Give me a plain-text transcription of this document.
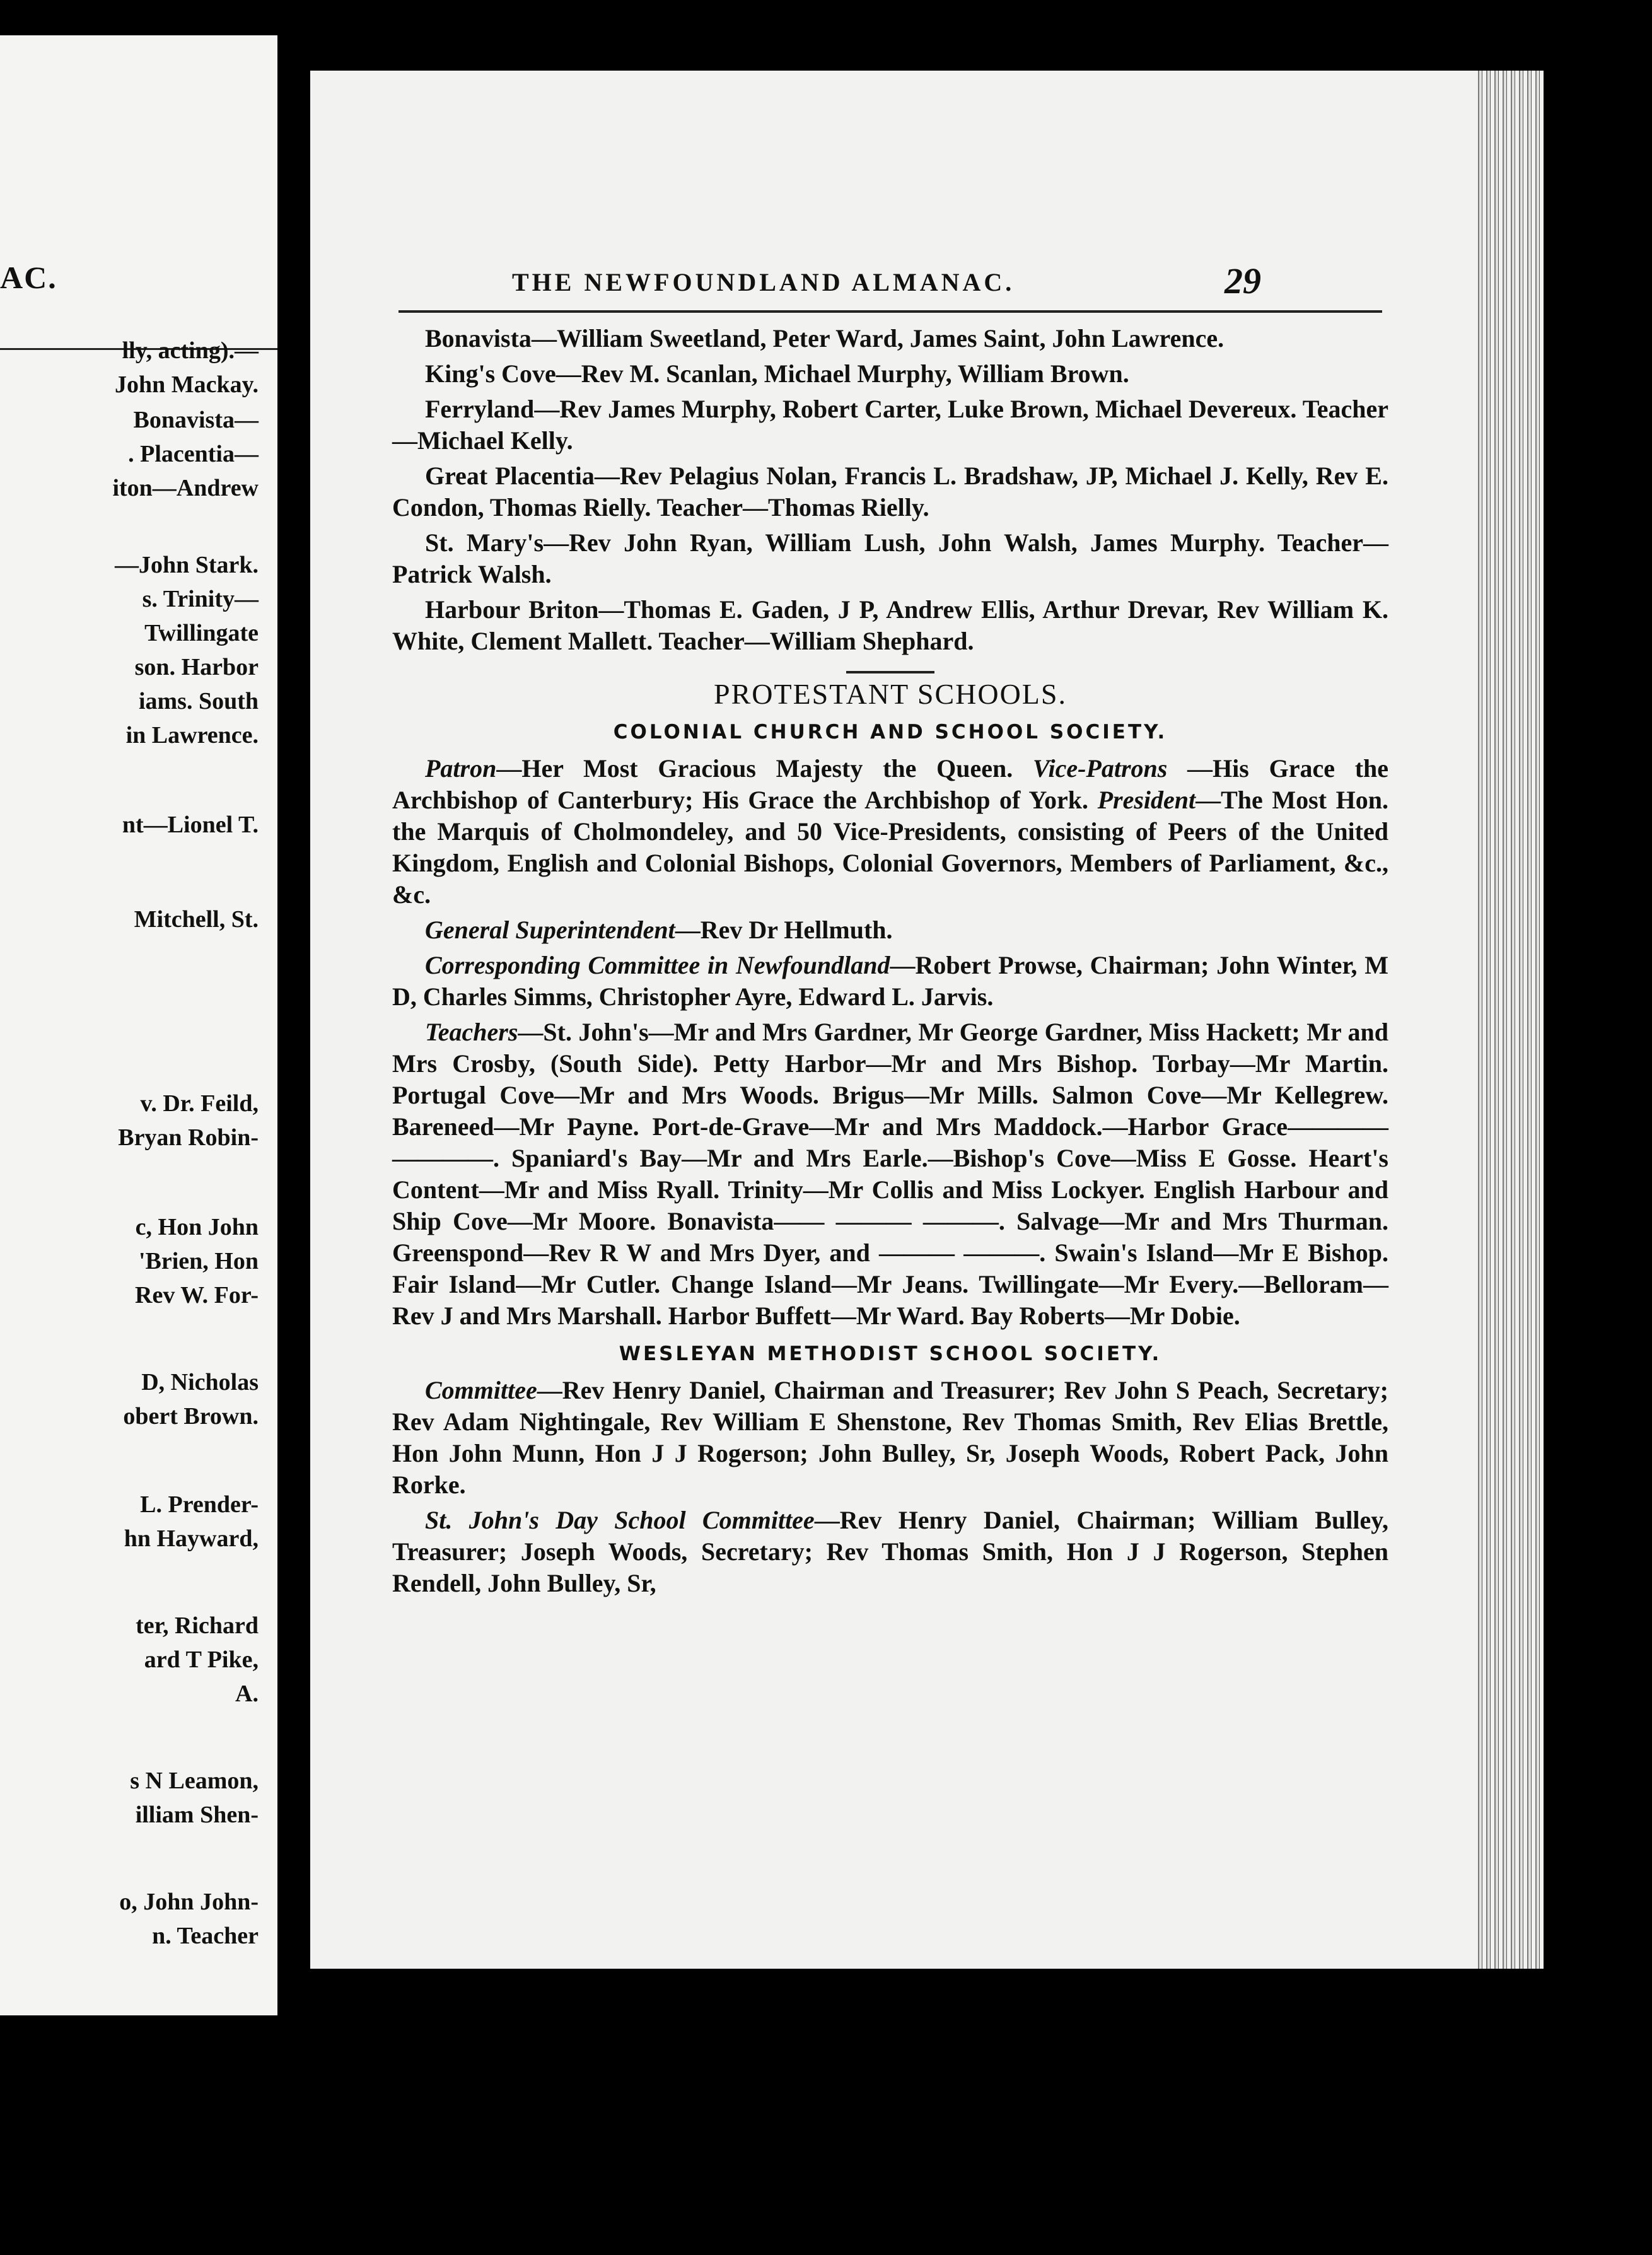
AC.
lly, acting).—
John Mackay.
Bonavista—
. Placentia—
iton—Andrew
—John Stark.
s. Trinity—
Twillingate
son. Harbor
iams. South
in Lawrence.
nt—Lionel T.
Mitchell, St.
v. Dr. Feild,
Bryan Robin-
c, Hon John
'Brien, Hon
Rev W. For-
D, Nicholas
obert Brown.
L. Prender-
hn Hayward,
ter, Richard
ard T Pike,
A.
s N Leamon,
illiam Shen-
o, John John-
n. Teacher
THE NEWFOUNDLAND ALMANAC.	29

Bonavista—William Sweetland, Peter Ward, James Saint, John Lawrence.

King's Cove—Rev M. Scanlan, Michael Murphy, William Brown.

Ferryland—Rev James Murphy, Robert Carter, Luke Brown, Michael Devereux. Teacher—Michael Kelly.

Great Placentia—Rev Pelagius Nolan, Francis L. Bradshaw, JP, Michael J. Kelly, Rev E. Condon, Thomas Rielly. Teacher—Thomas Rielly.

St. Mary's—Rev John Ryan, William Lush, John Walsh, James Murphy. Teacher—Patrick Walsh.

Harbour Briton—Thomas E. Gaden, J P, Andrew Ellis, Arthur Drevar, Rev William K. White, Clement Mallett. Teacher—William Shephard.

PROTESTANT SCHOOLS.
COLONIAL CHURCH AND SCHOOL SOCIETY.

Patron—Her Most Gracious Majesty the Queen. Vice-Patrons —His Grace the Archbishop of Canterbury; His Grace the Archbishop of York. President—The Most Hon. the Marquis of Cholmondeley, and 50 Vice-Presidents, consisting of Peers of the United Kingdom, English and Colonial Bishops, Colonial Governors, Members of Parliament, &c., &c.

General Superintendent—Rev Dr Hellmuth.

Corresponding Committee in Newfoundland—Robert Prowse, Chairman; John Winter, M D, Charles Simms, Christopher Ayre, Edward L. Jarvis.

Teachers—St. John's—Mr and Mrs Gardner, Mr George Gardner, Miss Hackett; Mr and Mrs Crosby, (South Side). Petty Harbor—Mr and Mrs Bishop. Torbay—Mr Martin. Portugal Cove—Mr and Mrs Woods. Brigus—Mr Mills. Salmon Cove—Mr Kellegrew. Bareneed—Mr Payne. Port-de-Grave—Mr and Mrs Maddock.—Harbor Grace———— ————. Spaniard's Bay—Mr and Mrs Earle.—Bishop's Cove—Miss E Gosse. Heart's Content—Mr and Miss Ryall. Trinity—Mr Collis and Miss Lockyer. English Harbour and Ship Cove—Mr Moore. Bonavista—— ——— ———. Salvage—Mr and Mrs Thurman. Greenspond—Rev R W and Mrs Dyer, and ——— ———. Swain's Island—Mr E Bishop. Fair Island—Mr Cutler. Change Island—Mr Jeans. Twillingate—Mr Every.—Belloram—Rev J and Mrs Marshall. Harbor Buffett—Mr Ward. Bay Roberts—Mr Dobie.

WESLEYAN METHODIST SCHOOL SOCIETY.

Committee—Rev Henry Daniel, Chairman and Treasurer; Rev John S Peach, Secretary; Rev Adam Nightingale, Rev William E Shenstone, Rev Thomas Smith, Rev Elias Brettle, Hon John Munn, Hon J J Rogerson; John Bulley, Sr, Joseph Woods, Robert Pack, John Rorke.

St. John's Day School Committee—Rev Henry Daniel, Chairman; William Bulley, Treasurer; Joseph Woods, Secretary; Rev Thomas Smith, Hon J J Rogerson, Stephen Rendell, John Bulley, Sr,
